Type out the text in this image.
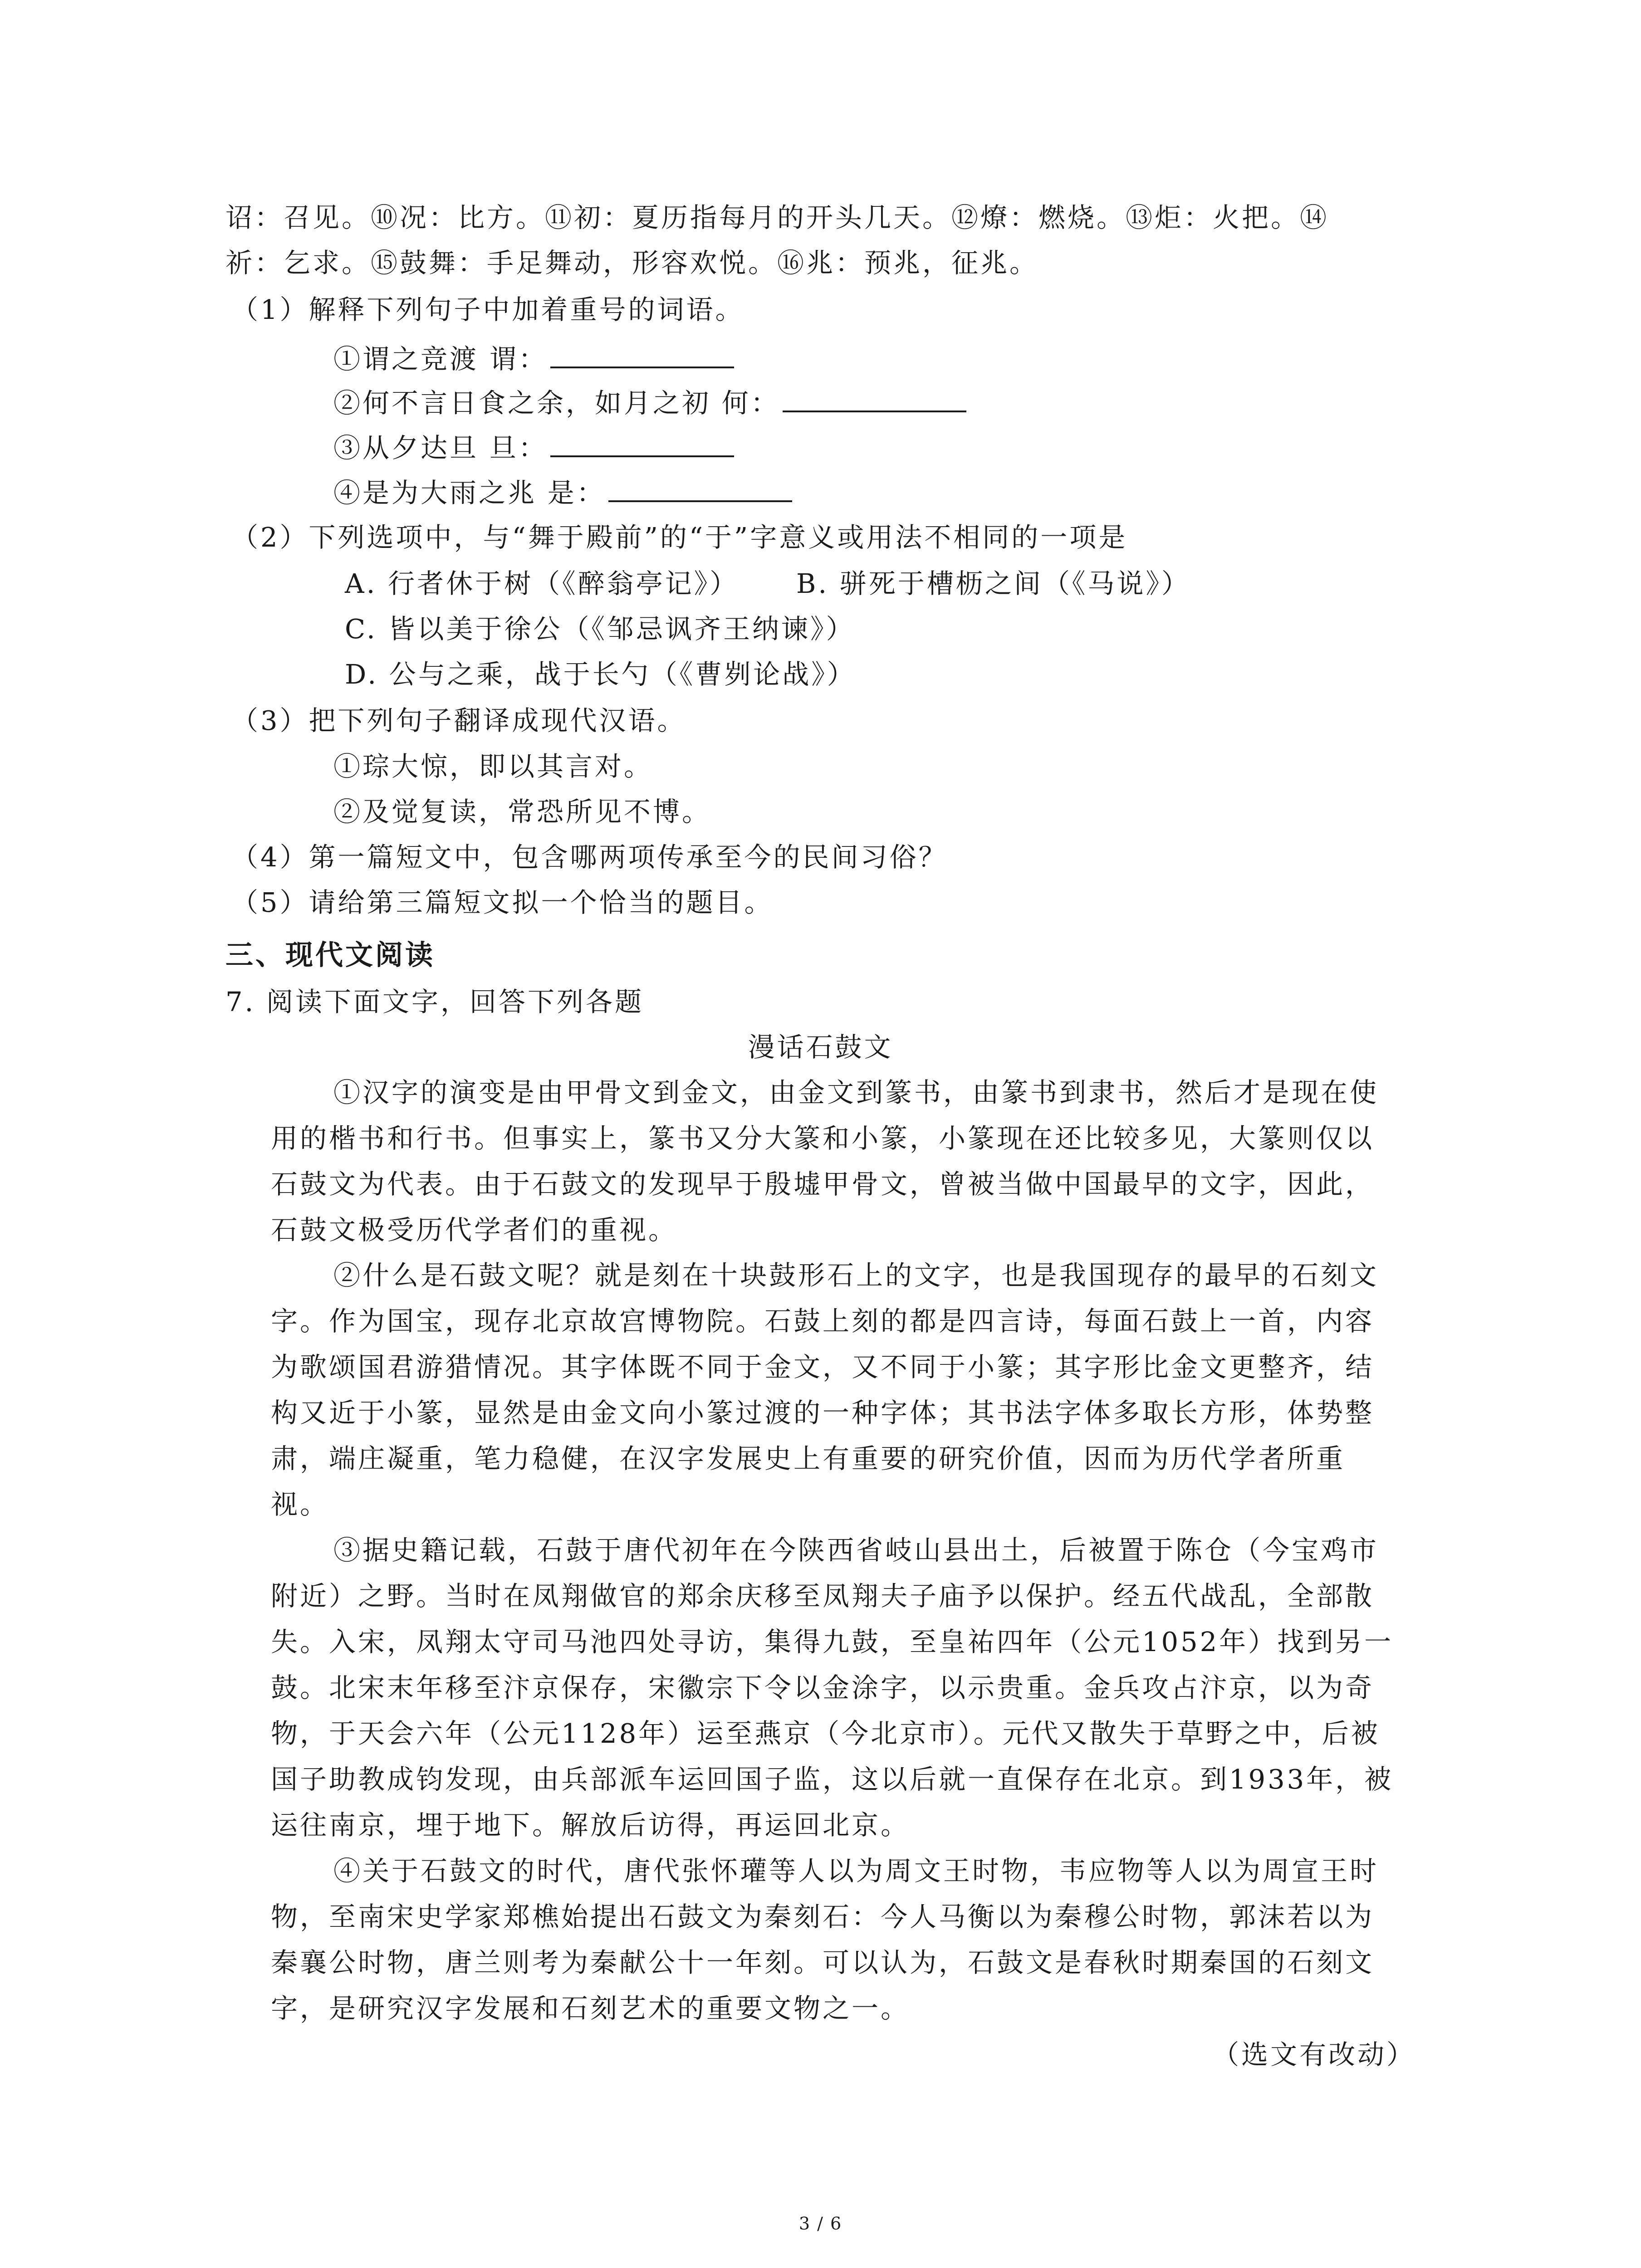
诏：召见。⑩况：比方。⑪初：夏历指每月的开头几天。⑫燎：燃烧。⑬炬：火把。⑭
祈：乞求。⑮鼓舞：手足舞动，形容欢悦。⑯兆：预兆，征兆。
（1）解释下列句子中加着重号的词语。
①谓之竞渡 谓：
②何不言日食之余，如月之初 何：
③从夕达旦 旦：
④是为大雨之兆 是：
（2）下列选项中，与“舞于殿前”的“于”字意义或用法不相同的一项是
A. 行者休于树（《醉翁亭记》） B. 骈死于槽枥之间（《马说》）
C. 皆以美于徐公（《邹忌讽齐王纳谏》）
D. 公与之乘，战于长勺（《曹刿论战》）
（3）把下列句子翻译成现代汉语。
①琮大惊，即以其言对。
②及觉复读，常恐所见不博。
（4）第一篇短文中，包含哪两项传承至今的民间习俗？
（5）请给第三篇短文拟一个恰当的题目。
三、现代文阅读
7. 阅读下面文字，回答下列各题
漫话石鼓文
①汉字的演变是由甲骨文到金文，由金文到篆书，由篆书到隶书，然后才是现在使
用的楷书和行书。但事实上，篆书又分大篆和小篆，小篆现在还比较多见，大篆则仅以
石鼓文为代表。由于石鼓文的发现早于殷墟甲骨文，曾被当做中国最早的文字，因此，
石鼓文极受历代学者们的重视。
②什么是石鼓文呢？就是刻在十块鼓形石上的文字，也是我国现存的最早的石刻文
字。作为国宝，现存北京故宫博物院。石鼓上刻的都是四言诗，每面石鼓上一首，内容
为歌颂国君游猎情况。其字体既不同于金文，又不同于小篆；其字形比金文更整齐，结
构又近于小篆，显然是由金文向小篆过渡的一种字体；其书法字体多取长方形，体势整
肃，端庄凝重，笔力稳健，在汉字发展史上有重要的研究价值，因而为历代学者所重
视。
③据史籍记载，石鼓于唐代初年在今陕西省岐山县出土，后被置于陈仓（今宝鸡市
附近）之野。当时在凤翔做官的郑余庆移至凤翔夫子庙予以保护。经五代战乱，全部散
失。入宋，凤翔太守司马池四处寻访，集得九鼓，至皇祐四年（公元1052年）找到另一
鼓。北宋末年移至汴京保存，宋徽宗下令以金涂字，以示贵重。金兵攻占汴京，以为奇
物，于天会六年（公元1128年）运至燕京（今北京市）。元代又散失于草野之中，后被
国子助教成钧发现，由兵部派车运回国子监，这以后就一直保存在北京。到1933年，被
运往南京，埋于地下。解放后访得，再运回北京。
④关于石鼓文的时代，唐代张怀瓘等人以为周文王时物，韦应物等人以为周宣王时
物，至南宋史学家郑樵始提出石鼓文为秦刻石：今人马衡以为秦穆公时物，郭沫若以为
秦襄公时物，唐兰则考为秦献公十一年刻。可以认为，石鼓文是春秋时期秦国的石刻文
字，是研究汉字发展和石刻艺术的重要文物之一。
（选文有改动）
3 / 6
